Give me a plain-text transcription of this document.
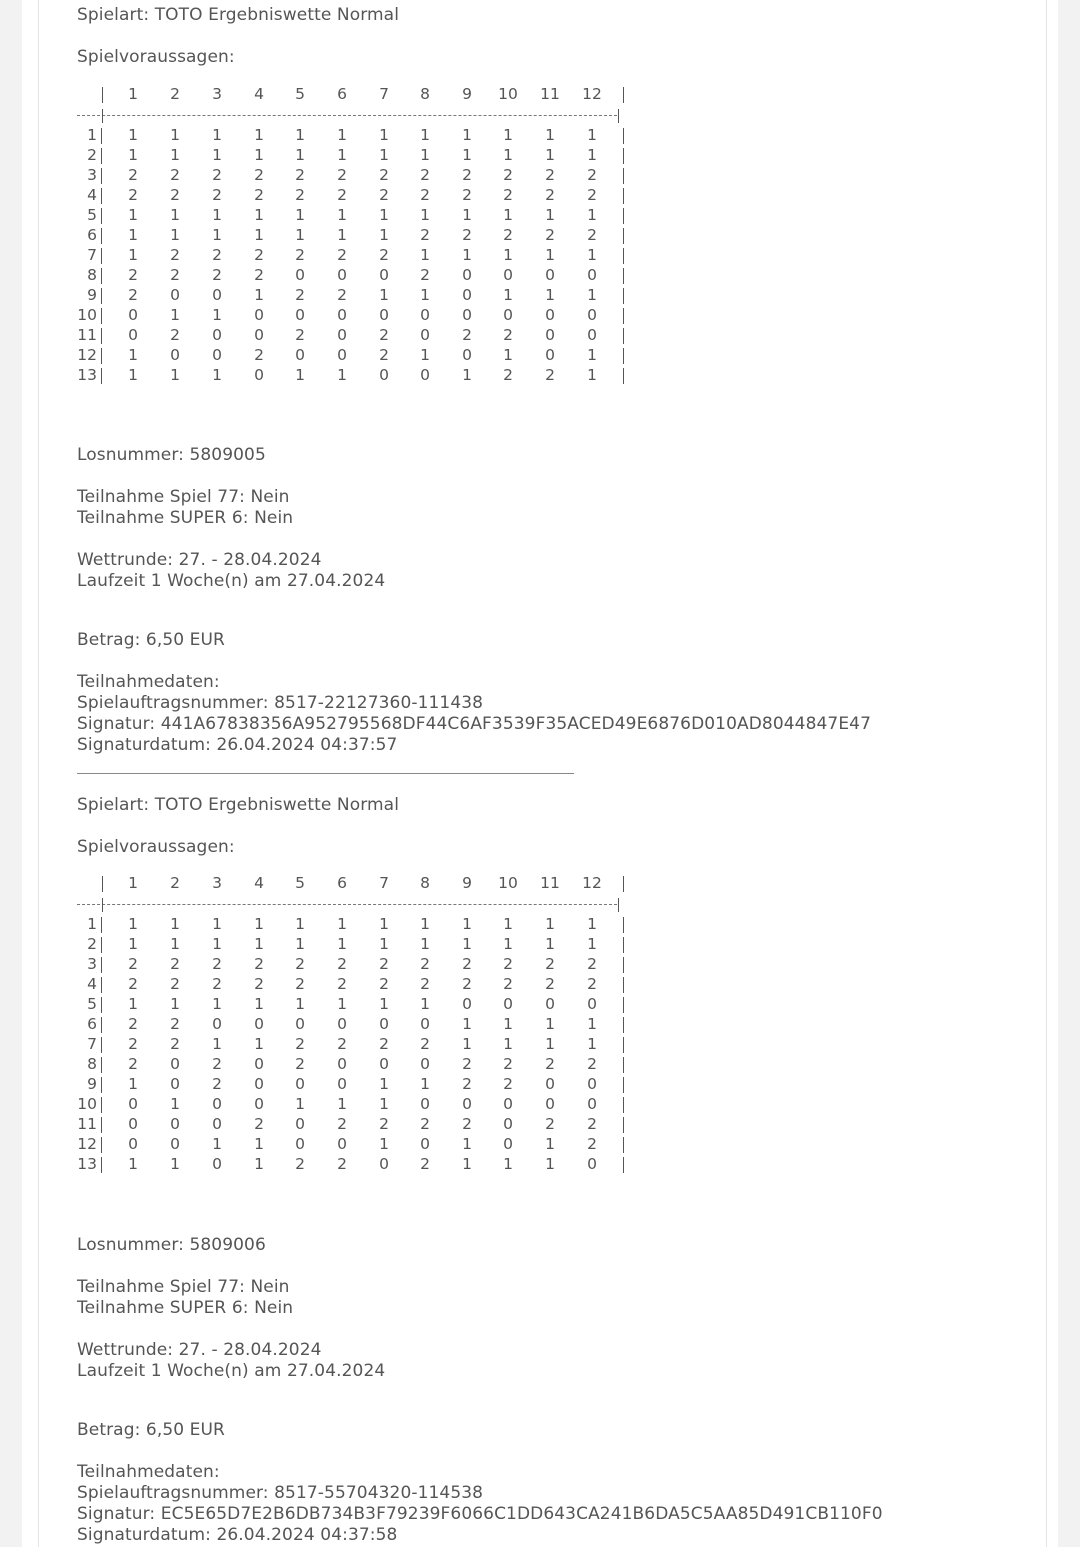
Spielart: TOTO Ergebniswette Normal
Spielvoraussagen:
1	2	3	4	5	6	7	8	9	10	11	12
1	1	1	1	1	1	1	1	1	1	1	1	1
2	1	1	1	1	1	1	1	1	1	1	1	1
3	2	2	2	2	2	2	2	2	2	2	2	2
4	2	2	2	2	2	2	2	2	2	2	2	2
5	1	1	1	1	1	1	1	1	1	1	1	1
6	1	1	1	1	1	1	1	2	2	2	2	2
7	1	2	2	2	2	2	2	1	1	1	1	1
8	2	2	2	2	0	0	0	2	0	0	0	0
9	2	0	0	1	2	2	1	1	0	1	1	1
10	0	1	1	0	0	0	0	0	0	0	0	0
11	0	2	0	0	2	0	2	0	2	2	0	0
12	1	0	0	2	0	0	2	1	0	1	0	1
13	1	1	1	0	1	1	0	0	1	2	2	1
Losnummer: 5809005
Teilnahme Spiel 77: Nein
Teilnahme SUPER 6: Nein
Wettrunde: 27. - 28.04.2024
Laufzeit 1 Woche(n) am 27.04.2024
Betrag: 6,50 EUR
Teilnahmedaten:
Spielauftragsnummer: 8517-22127360-111438
Signatur: 441A67838356A952795568DF44C6AF3539F35ACED49E6876D010AD8044847E47
Signaturdatum: 26.04.2024 04:37:57
Spielart: TOTO Ergebniswette Normal
Spielvoraussagen:
1	2	3	4	5	6	7	8	9	10	11	12
1	1	1	1	1	1	1	1	1	1	1	1	1
2	1	1	1	1	1	1	1	1	1	1	1	1
3	2	2	2	2	2	2	2	2	2	2	2	2
4	2	2	2	2	2	2	2	2	2	2	2	2
5	1	1	1	1	1	1	1	1	0	0	0	0
6	2	2	0	0	0	0	0	0	1	1	1	1
7	2	2	1	1	2	2	2	2	1	1	1	1
8	2	0	2	0	2	0	0	0	2	2	2	2
9	1	0	2	0	0	0	1	1	2	2	0	0
10	0	1	0	0	1	1	1	0	0	0	0	0
11	0	0	0	2	0	2	2	2	2	0	2	2
12	0	0	1	1	0	0	1	0	1	0	1	2
13	1	1	0	1	2	2	0	2	1	1	1	0
Losnummer: 5809006
Teilnahme Spiel 77: Nein
Teilnahme SUPER 6: Nein
Wettrunde: 27. - 28.04.2024
Laufzeit 1 Woche(n) am 27.04.2024
Betrag: 6,50 EUR
Teilnahmedaten:
Spielauftragsnummer: 8517-55704320-114538
Signatur: EC5E65D7E2B6DB734B3F79239F6066C1DD643CA241B6DA5C5AA85D491CB110F0
Signaturdatum: 26.04.2024 04:37:58
